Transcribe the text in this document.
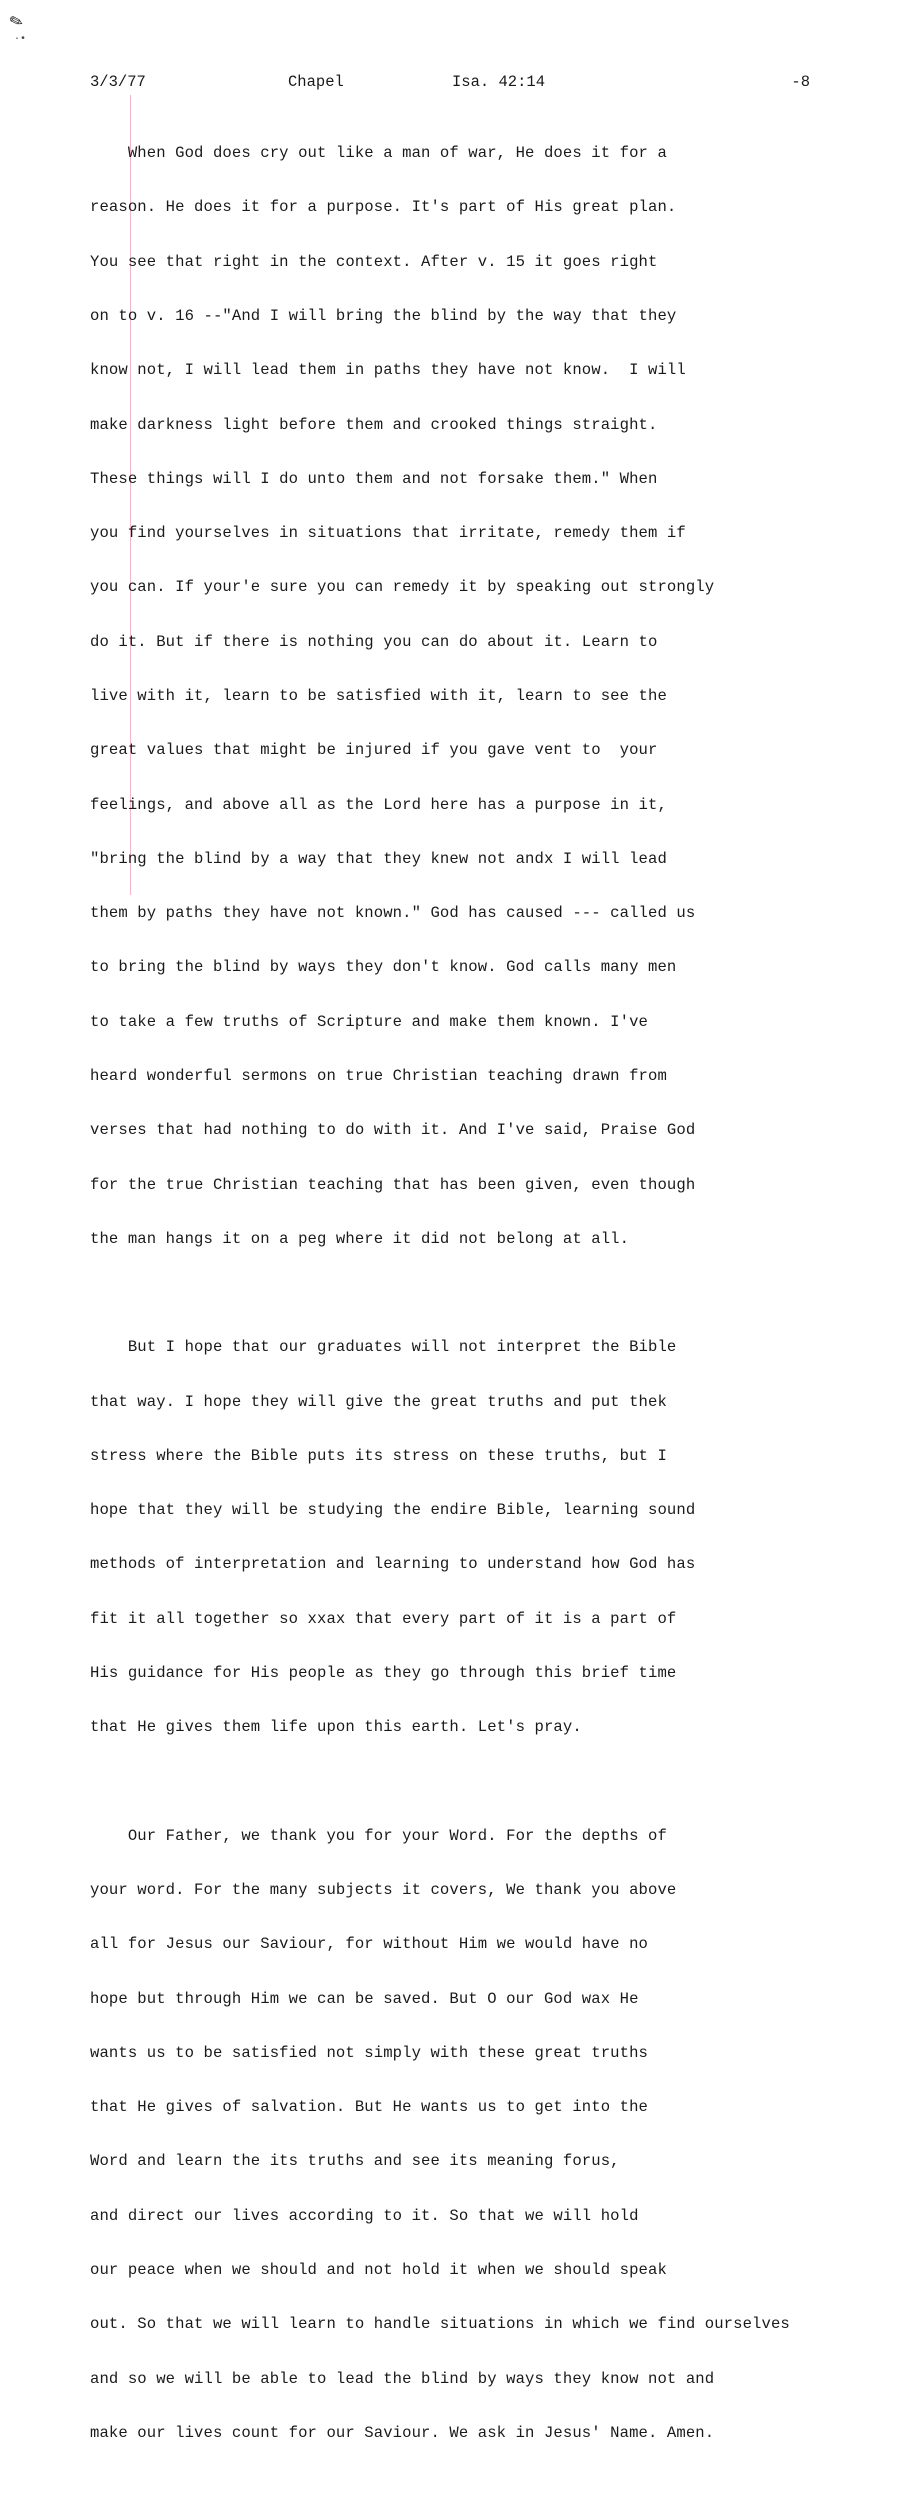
✎
·•
3/3/77	Chapel	Isa. 42:14	-8

When God does cry out like a man of war, He does it for a

reason. He does it for a purpose. It's part of His great plan.

You see that right in the context. After v. 15 it goes right

on to v. 16 --"And I will bring the blind by the way that they

know not, I will lead them in paths they have not know.  I will

make darkness light before them and crooked things straight.

These things will I do unto them and not forsake them." When

you find yourselves in situations that irritate, remedy them if

you can. If your'e sure you can remedy it by speaking out strongly

do it. But if there is nothing you can do about it. Learn to

live with it, learn to be satisfied with it, learn to see the

great values that might be injured if you gave vent to  your

feelings, and above all as the Lord here has a purpose in it,

"bring the blind by a way that they knew not andx I will lead

them by paths they have not known." God has caused --- called us

to bring the blind by ways they don't know. God calls many men

to take a few truths of Scripture and make them known. I've

heard wonderful sermons on true Christian teaching drawn from

verses that had nothing to do with it. And I've said, Praise God

for the true Christian teaching that has been given, even though

the man hangs it on a peg where it did not belong at all.

But I hope that our graduates will not interpret the Bible

that way. I hope they will give the great truths and put thek

stress where the Bible puts its stress on these truths, but I

hope that they will be studying the endire Bible, learning sound

methods of interpretation and learning to understand how God has

fit it all together so xxax that every part of it is a part of

His guidance for His people as they go through this brief time

that He gives them life upon this earth. Let's pray.

Our Father, we thank you for your Word. For the depths of

your word. For the many subjects it covers, We thank you above

all for Jesus our Saviour, for without Him we would have no

hope but through Him we can be saved. But O our God wax He

wants us to be satisfied not simply with these great truths

that He gives of salvation. But He wants us to get into the

Word and learn the its truths and see its meaning forus,

and direct our lives according to it. So that we will hold

our peace when we should and not hold it when we should speak

out. So that we will learn to handle situations in which we find ourselves

and so we will be able to lead the blind by ways they know not and

make our lives count for our Saviour. We ask in Jesus' Name. Amen.
